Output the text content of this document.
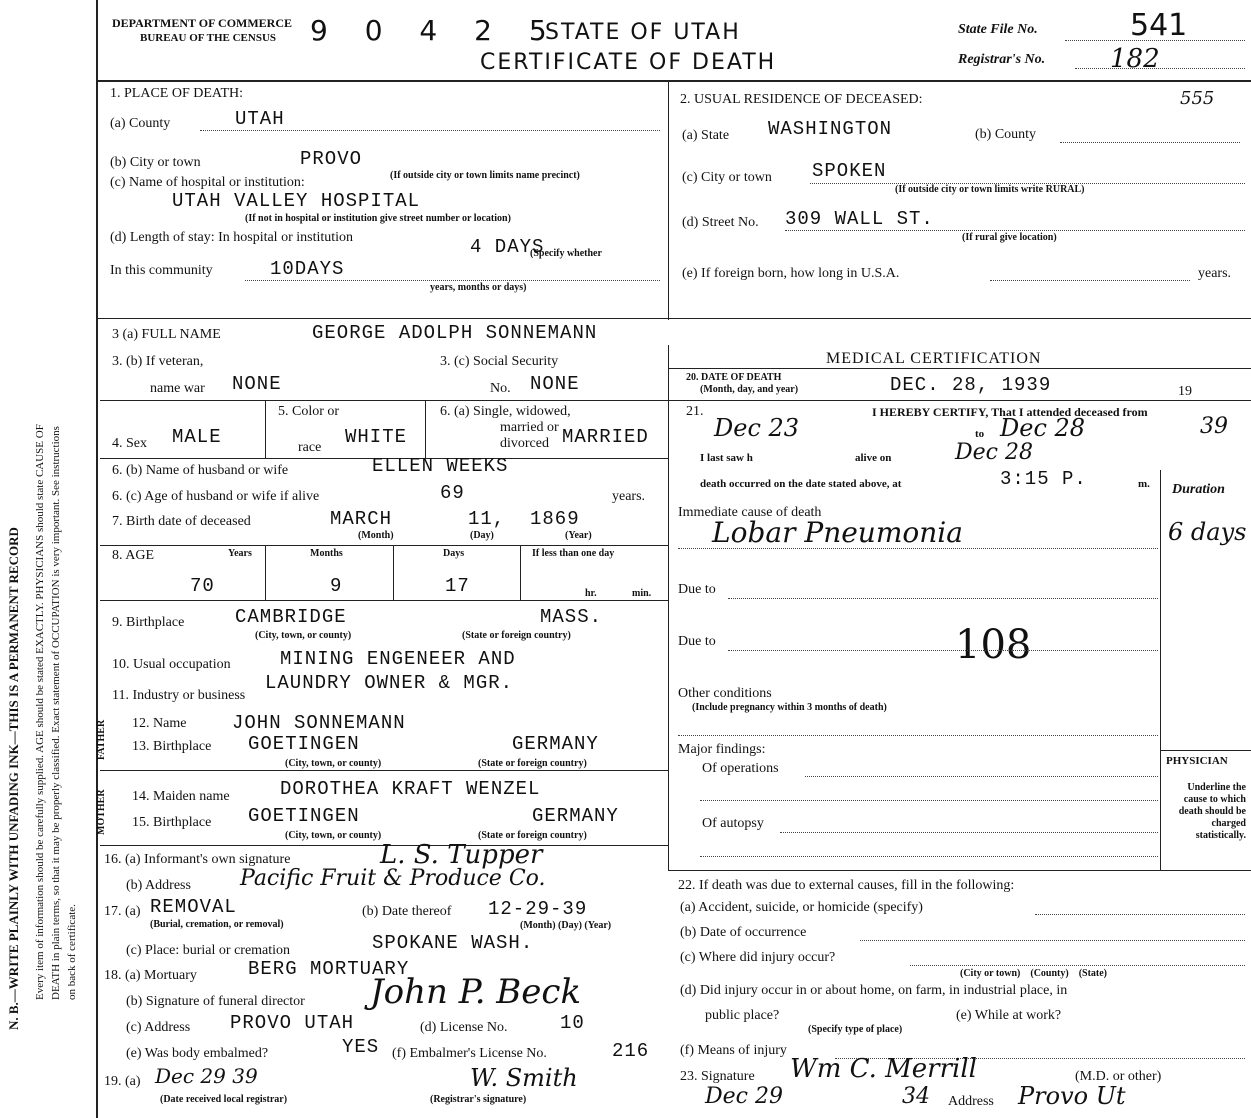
N. B.—WRITE PLAINLY WITH UNFADING INK—THIS IS A PERMANENT RECORD Every item of information should be carefully supplied. AGE should be stated EXACTLY. PHYSICIANS should state CAUSE OF DEATH in plain terms, so that it may be properly classified. Exact statement of OCCUPATION is very important. See instructions on back of certificate.
DEPARTMENT OF COMMERCE
BUREAU OF THE CENSUS 9 0 4 2 5
STATE OF UTAH
CERTIFICATE OF DEATH
State File No.	541
Registrar's No. 182
555
1. PLACE OF DEATH:
(a) County	UTAH
(b) City or town	PROVO
(If outside city or town limits name precinct)
(c) Name of hospital or institution:
UTAH VALLEY HOSPITAL
(If not in hospital or institution give street number or location)
(d) Length of stay: In hospital or institution	4 DAYS
(Specify whether
In this community	10DAYS
years, months or days)
2. USUAL RESIDENCE OF DECEASED:
(a) State WASHINGTON	(b) County
(c) City or town SPOKEN
(If outside city or town limits write RURAL)
(d) Street No. 309 WALL ST.
(If rural give location)
(e) If foreign born, how long in U.S.A.	years.
3 (a) FULL NAME	GEORGE ADOLPH SONNEMANN
3. (b) If veteran,
name war NONE
3. (c) Social Security
No. NONE
4. Sex MALE
5. Color or
race WHITE
6. (a) Single, widowed,
married or
divorced MARRIED
6. (b) Name of husband or wife	ELLEN WEEKS
6. (c) Age of husband or wife if alive	69	years.
7. Birth date of deceased	MARCH	11, 1869
(Month)	(Day)	(Year)
8. AGE	Years	Months	Days	If less than one day
70	9	17	hr.	min.
9. Birthplace	CAMBRIDGE	MASS.
(City, town, or county)	(State or foreign country)
10. Usual occupation	MINING ENGENEER AND
LAUNDRY OWNER & MGR.
11. Industry or business
FATHER 12. Name JOHN SONNEMANN
13. Birthplace GOETINGEN	GERMANY
(City, town, or county)	(State or foreign country)
MOTHER 14. Maiden name	DOROTHEA KRAFT WENZEL
15. Birthplace GOETINGEN	GERMANY
(City, town, or county)	(State or foreign country)
16. (a) Informant's own signature	L. S. Tupper
(b) Address Pacific Fruit & Produce Co.
17. (a) REMOVAL
(Burial, cremation, or removal)
(b) Date thereof 12-29-39
(Month) (Day) (Year)
(c) Place: burial or cremation	SPOKANE WASH.
18. (a) Mortuary	BERG MORTUARY
(b) Signature of funeral director John P. Beck
(c) Address PROVO UTAH	(d) License No.	10
(e) Was body embalmed?	YES (f) Embalmer's License No.	216
19. (a) Dec 29 39
(Date received local registrar)
W. Smith
(Registrar's signature)
MEDICAL CERTIFICATION
20. DATE OF DEATH
(Month, day, and year)	DEC. 28, 1939	19
21.	I HEREBY CERTIFY, That I attended deceased from
Dec 23	to Dec 28	39
I last saw h	alive on	Dec 28
death occurred on the date stated above, at	3:15 P.	m. Duration
Immediate cause of death
Lobar Pneumonia	6 days
Due to
Due to	108
Other conditions
(Include pregnancy within 3 months of death)
Major findings:
Of operations
Of autopsy
PHYSICIAN
Underline the cause to which death should be charged statistically.
22. If death was due to external causes, fill in the following:
(a) Accident, suicide, or homicide (specify)
(b) Date of occurrence
(c) Where did injury occur?
(City or town)    (County)    (State)
(d) Did injury occur in or about home, on farm, in industrial place, in
public place?
(Specify type of place)
(e) While at work?
(f) Means of injury
23. Signature Wm C. Merrill	(M.D. or other)
Dec 29	34 Address Provo Ut
